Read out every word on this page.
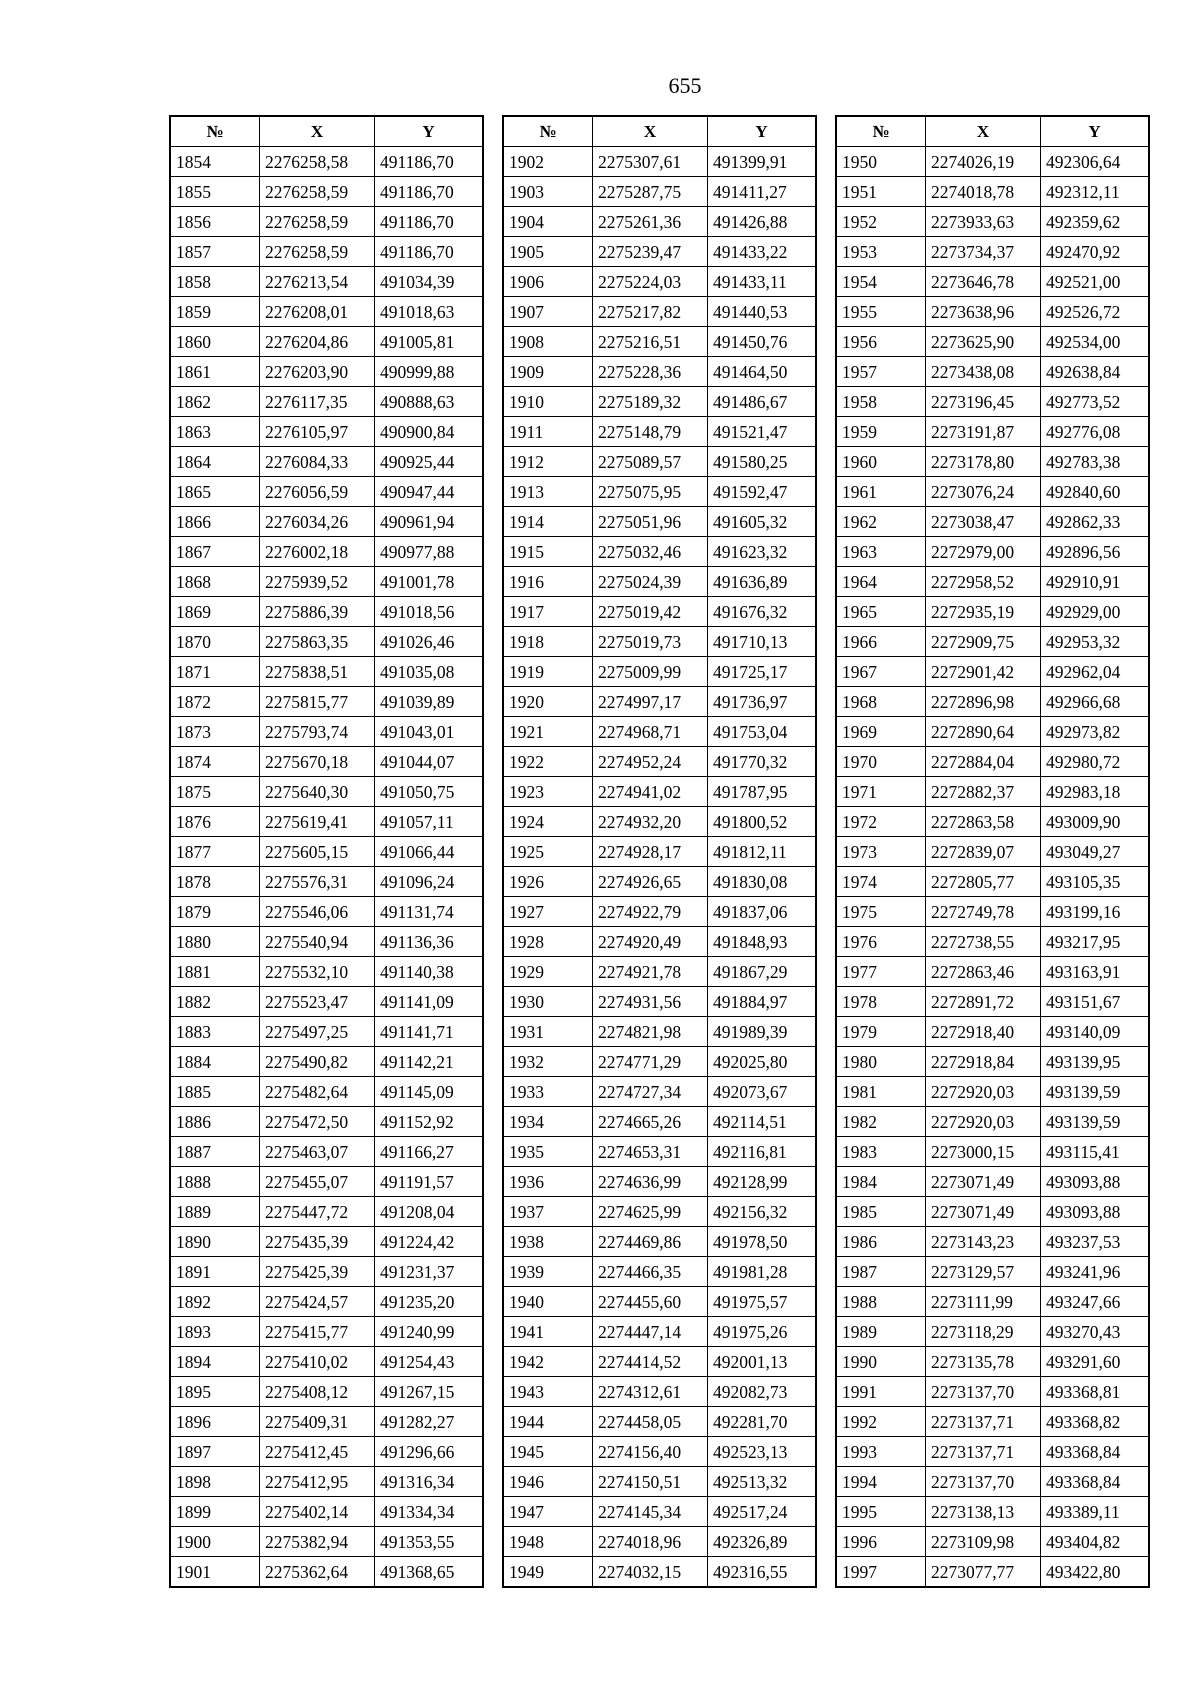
655
№	X	Y
1854	2276258,58	491186,70
1855	2276258,59	491186,70
1856	2276258,59	491186,70
1857	2276258,59	491186,70
1858	2276213,54	491034,39
1859	2276208,01	491018,63
1860	2276204,86	491005,81
1861	2276203,90	490999,88
1862	2276117,35	490888,63
1863	2276105,97	490900,84
1864	2276084,33	490925,44
1865	2276056,59	490947,44
1866	2276034,26	490961,94
1867	2276002,18	490977,88
1868	2275939,52	491001,78
1869	2275886,39	491018,56
1870	2275863,35	491026,46
1871	2275838,51	491035,08
1872	2275815,77	491039,89
1873	2275793,74	491043,01
1874	2275670,18	491044,07
1875	2275640,30	491050,75
1876	2275619,41	491057,11
1877	2275605,15	491066,44
1878	2275576,31	491096,24
1879	2275546,06	491131,74
1880	2275540,94	491136,36
1881	2275532,10	491140,38
1882	2275523,47	491141,09
1883	2275497,25	491141,71
1884	2275490,82	491142,21
1885	2275482,64	491145,09
1886	2275472,50	491152,92
1887	2275463,07	491166,27
1888	2275455,07	491191,57
1889	2275447,72	491208,04
1890	2275435,39	491224,42
1891	2275425,39	491231,37
1892	2275424,57	491235,20
1893	2275415,77	491240,99
1894	2275410,02	491254,43
1895	2275408,12	491267,15
1896	2275409,31	491282,27
1897	2275412,45	491296,66
1898	2275412,95	491316,34
1899	2275402,14	491334,34
1900	2275382,94	491353,55
1901	2275362,64	491368,65
№	X	Y
1902	2275307,61	491399,91
1903	2275287,75	491411,27
1904	2275261,36	491426,88
1905	2275239,47	491433,22
1906	2275224,03	491433,11
1907	2275217,82	491440,53
1908	2275216,51	491450,76
1909	2275228,36	491464,50
1910	2275189,32	491486,67
1911	2275148,79	491521,47
1912	2275089,57	491580,25
1913	2275075,95	491592,47
1914	2275051,96	491605,32
1915	2275032,46	491623,32
1916	2275024,39	491636,89
1917	2275019,42	491676,32
1918	2275019,73	491710,13
1919	2275009,99	491725,17
1920	2274997,17	491736,97
1921	2274968,71	491753,04
1922	2274952,24	491770,32
1923	2274941,02	491787,95
1924	2274932,20	491800,52
1925	2274928,17	491812,11
1926	2274926,65	491830,08
1927	2274922,79	491837,06
1928	2274920,49	491848,93
1929	2274921,78	491867,29
1930	2274931,56	491884,97
1931	2274821,98	491989,39
1932	2274771,29	492025,80
1933	2274727,34	492073,67
1934	2274665,26	492114,51
1935	2274653,31	492116,81
1936	2274636,99	492128,99
1937	2274625,99	492156,32
1938	2274469,86	491978,50
1939	2274466,35	491981,28
1940	2274455,60	491975,57
1941	2274447,14	491975,26
1942	2274414,52	492001,13
1943	2274312,61	492082,73
1944	2274458,05	492281,70
1945	2274156,40	492523,13
1946	2274150,51	492513,32
1947	2274145,34	492517,24
1948	2274018,96	492326,89
1949	2274032,15	492316,55
№	X	Y
1950	2274026,19	492306,64
1951	2274018,78	492312,11
1952	2273933,63	492359,62
1953	2273734,37	492470,92
1954	2273646,78	492521,00
1955	2273638,96	492526,72
1956	2273625,90	492534,00
1957	2273438,08	492638,84
1958	2273196,45	492773,52
1959	2273191,87	492776,08
1960	2273178,80	492783,38
1961	2273076,24	492840,60
1962	2273038,47	492862,33
1963	2272979,00	492896,56
1964	2272958,52	492910,91
1965	2272935,19	492929,00
1966	2272909,75	492953,32
1967	2272901,42	492962,04
1968	2272896,98	492966,68
1969	2272890,64	492973,82
1970	2272884,04	492980,72
1971	2272882,37	492983,18
1972	2272863,58	493009,90
1973	2272839,07	493049,27
1974	2272805,77	493105,35
1975	2272749,78	493199,16
1976	2272738,55	493217,95
1977	2272863,46	493163,91
1978	2272891,72	493151,67
1979	2272918,40	493140,09
1980	2272918,84	493139,95
1981	2272920,03	493139,59
1982	2272920,03	493139,59
1983	2273000,15	493115,41
1984	2273071,49	493093,88
1985	2273071,49	493093,88
1986	2273143,23	493237,53
1987	2273129,57	493241,96
1988	2273111,99	493247,66
1989	2273118,29	493270,43
1990	2273135,78	493291,60
1991	2273137,70	493368,81
1992	2273137,71	493368,82
1993	2273137,71	493368,84
1994	2273137,70	493368,84
1995	2273138,13	493389,11
1996	2273109,98	493404,82
1997	2273077,77	493422,80
